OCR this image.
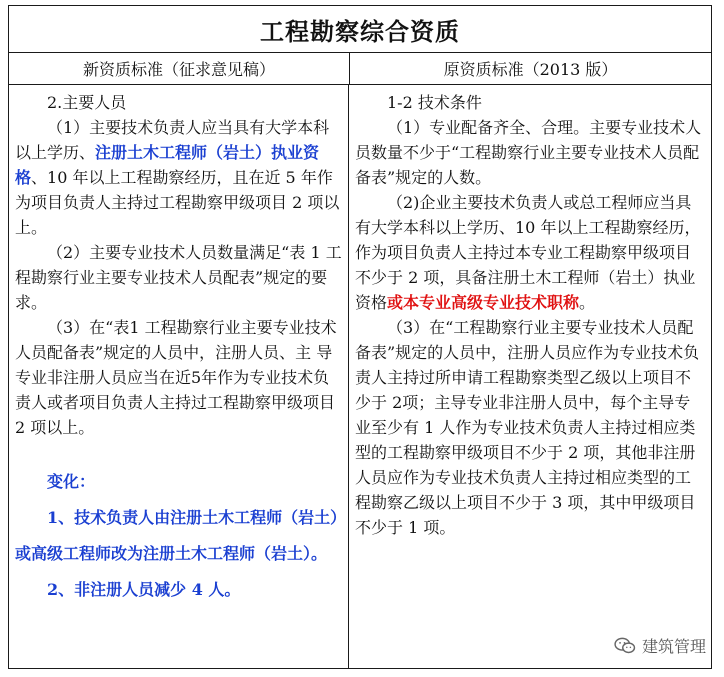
工程勘察综合资质
新资质标准（征求意见稿）	原资质标准（2013 版）

2.主要人员

（1）主要技术负责人应当具有大学本科以上学历、注册土木工程师（岩土）执业资格、10 年以上工程勘察经历，且在近 5 年作为项目负责人主持过工程勘察甲级项目 2 项以上。

（2）主要专业技术人员数量满足“表 1 工程勘察行业主要专业技术人员配表”规定的要求。

（3）在“表1 工程勘察行业主要专业技术人员配备表”规定的人员中，注册人员、主 导专业非注册人员应当在近5年作为专业技术负责人或者项目负责人主持过工程勘察甲级项目2 项以上。

变化：
1、技术负责人由注册土木工程师（岩土）或高级工程师改为注册土木工程师（岩土）。
2、非注册人员减少 4 人。

1-2 技术条件

（1）专业配备齐全、合理。主要专业技术人员数量不少于“工程勘察行业主要专业技术人员配备表”规定的人数。

（2)企业主要技术负责人或总工程师应当具有大学本科以上学历、10 年以上工程勘察经历，作为项目负责人主持过本专业工程勘察甲级项目不少于 2 项，具备注册土木工程师（岩土）执业资格或本专业高级专业技术职称。

（3）在“工程勘察行业主要专业技术人员配备表”规定的人员中，注册人员应作为专业技术负责人主持过所申请工程勘察类型乙级以上项目不少于 2项；主导专业非注册人员中，每个主导专业至少有 1 人作为专业技术负责人主持过相应类型的工程勘察甲级项目不少于 2 项，其他非注册人员应作为专业技术负责人主持过相应类型的工程勘察乙级以上项目不少于 3 项，其中甲级项目不少于 1 项。

建筑管理
